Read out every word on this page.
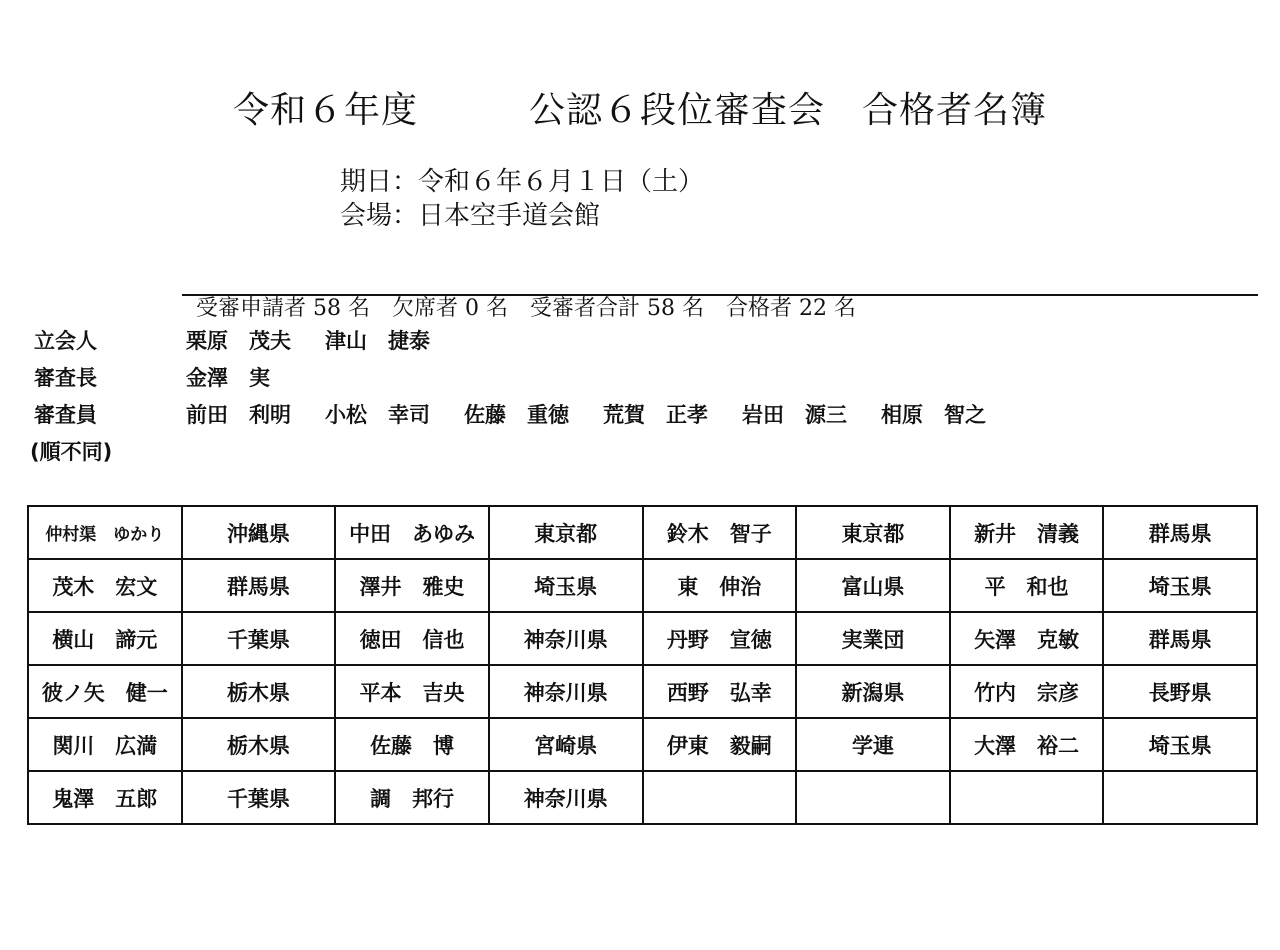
令和６年度　　　公認６段位審査会　合格者名簿
期日：令和６年６月１日（土）
会場：日本空手道会館

受審申請者 58 名 欠席者 0 名 受審者合計 58 名 合格者 22 名

立会人	栗原　茂夫 津山　捷泰
審査長	金澤　実
審査員	前田　利明 小松　幸司 佐藤　重徳 荒賀　正孝 岩田　源三 相原　智之
(順不同)
仲村渠　ゆかり	沖縄県	中田　あゆみ	東京都	鈴木　智子	東京都	新井　清義	群馬県
茂木　宏文	群馬県	澤井　雅史	埼玉県	東　伸治	富山県	平　和也	埼玉県
横山　諦元	千葉県	徳田　信也	神奈川県	丹野　宣徳	実業団	矢澤　克敏	群馬県
彼ノ矢　健一	栃木県	平本　吉央	神奈川県	西野　弘幸	新潟県	竹内　宗彦	長野県
関川　広満	栃木県	佐藤　博	宮崎県	伊東　毅嗣	学連	大澤　裕二	埼玉県
鬼澤　五郎	千葉県	調　邦行	神奈川県				
